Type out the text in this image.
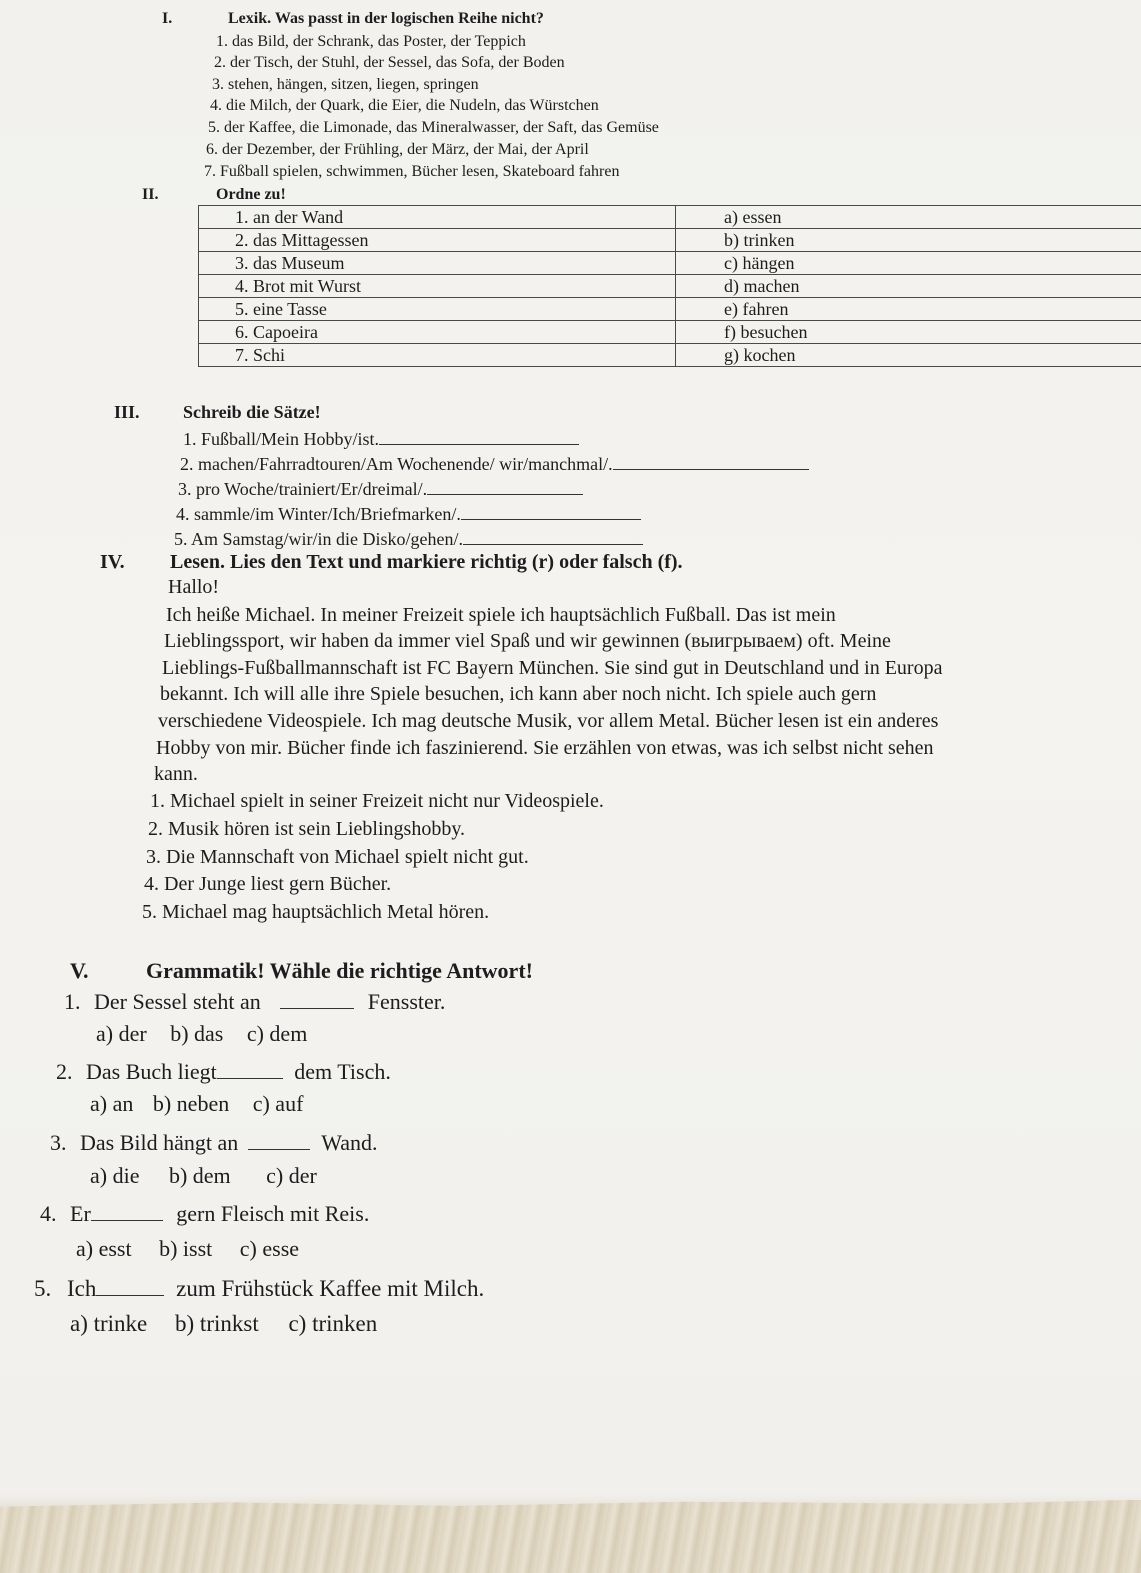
I.	Lexik. Was passt in der logischen Reihe nicht?
1. das Bild, der Schrank, das Poster, der Teppich
2. der Tisch, der Stuhl, der Sessel, das Sofa, der Boden
3. stehen, hängen, sitzen, liegen, springen
4. die Milch, der Quark, die Eier, die Nudeln, das Würstchen
5. der Kaffee, die Limonade, das Mineralwasser, der Saft, das Gemüse
6. der Dezember, der Frühling, der März, der Mai, der April
7. Fußball spielen, schwimmen, Bücher lesen, Skateboard fahren
II.	Ordne zu!
1. an der Wand	a) essen
2. das Mittagessen	b) trinken
3. das Museum	c) hängen
4. Brot mit Wurst	d) machen
5. eine Tasse	e) fahren
6. Capoeira	f) besuchen
7. Schi	g) kochen
III. Schreib die Sätze!
1. Fußball/Mein Hobby/ist.
2. machen/Fahrradtouren/Am Wochenende/ wir/manchmal/.
3. pro Woche/trainiert/Er/dreimal/.
4. sammle/im Winter/Ich/Briefmarken/.
5. Am Samstag/wir/in die Disko/gehen/.
IV. Lesen. Lies den Text und markiere richtig (r) oder falsch (f).
Hallo!
Ich heiße Michael. In meiner Freizeit spiele ich hauptsächlich Fußball. Das ist mein
Lieblingssport, wir haben da immer viel Spaß und wir gewinnen (выигрываем) oft. Meine
Lieblings-Fußballmannschaft ist FC Bayern München. Sie sind gut in Deutschland und in Europa
bekannt. Ich will alle ihre Spiele besuchen, ich kann aber noch nicht. Ich spiele auch gern
verschiedene Videospiele. Ich mag deutsche Musik, vor allem Metal. Bücher lesen ist ein anderes
Hobby von mir. Bücher finde ich faszinierend. Sie erzählen von etwas, was ich selbst nicht sehen
kann.
1. Michael spielt in seiner Freizeit nicht nur Videospiele.
2. Musik hören ist sein Lieblingshobby.
3. Die Mannschaft von Michael spielt nicht gut.
4. Der Junge liest gern Bücher.
5. Michael mag hauptsächlich Metal hören.
V.	Grammatik! Wähle die richtige Antwort!
1. Der Sessel steht an	Fensster.
a) der b) das c) dem
2. Das Buch liegt	dem Tisch.
a) an b) neben c) auf
3. Das Bild hängt an	Wand.
a) die b) dem c) der
4. Er	gern Fleisch mit Reis.
a) esst b) isst c) esse
5. Ich	zum Frühstück Kaffee mit Milch.
a) trinke b) trinkst c) trinken
